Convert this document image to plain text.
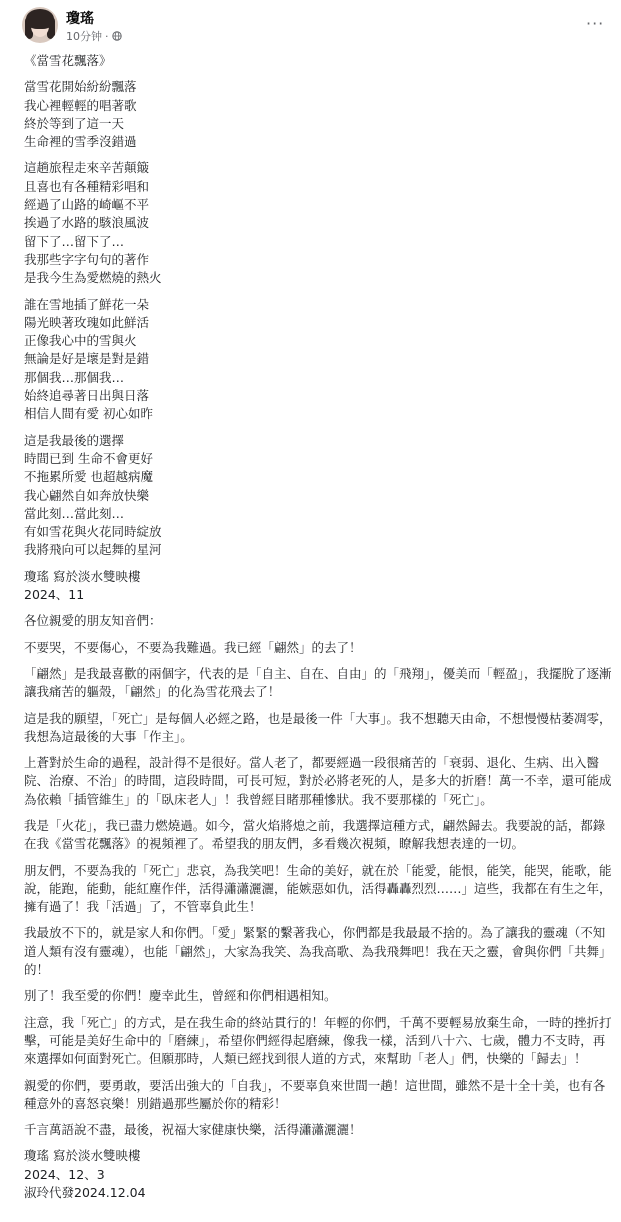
瓊瑤
10分钟 ·
···
《當雪花飄落》
當雪花開始紛紛飄落
我心裡輕輕的唱著歌
終於等到了這一天
生命裡的雪季沒錯過
這趟旅程走來辛苦顛簸
且喜也有各種精彩唱和
經過了山路的崎嶇不平
挨過了水路的駭浪風波
留下了…留下了…
我那些字字句句的著作
是我今生為愛燃燒的熱火
誰在雪地插了鮮花一朵
陽光映著玫瑰如此鮮活
正像我心中的雪與火
無論是好是壞是對是錯
那個我…那個我…
始終追尋著日出與日落
相信人間有愛 初心如昨
這是我最後的選擇
時間已到 生命不會更好
不拖累所愛 也超越病魔
我心翩然自如奔放快樂
當此刻…當此刻…
有如雪花與火花同時綻放
我將飛向可以起舞的星河
瓊瑤 寫於淡水雙映樓
2024、11
各位親愛的朋友知音們：
不要哭，不要傷心，不要為我難過。我已經「翩然」的去了！
「翩然」是我最喜歡的兩個字，代表的是「自主、自在、自由」的「飛翔」，優美而「輕盈」，我擺脫了逐漸讓我痛苦的軀殼，「翩然」的化為雪花飛去了！
這是我的願望，「死亡」是每個人必經之路，也是最後一件「大事」。我不想聽天由命，不想慢慢枯萎凋零，我想為這最後的大事「作主」。
上蒼對於生命的過程，設計得不是很好。當人老了，都要經過一段很痛苦的「衰弱、退化、生病、出入醫院、治療、不治」的時間，這段時間，可長可短，對於必將老死的人，是多大的折磨！萬一不幸，還可能成為依賴「插管維生」的「臥床老人」！我曾經目睹那種慘狀。我不要那樣的「死亡」。
我是「火花」，我已盡力燃燒過。如今，當火焰將熄之前，我選擇這種方式，翩然歸去。我要說的話，都錄在我《當雪花飄落》的視頻裡了。希望我的朋友們，多看幾次視頻，瞭解我想表達的一切。
朋友們，不要為我的「死亡」悲哀，為我笑吧！生命的美好，就在於「能愛，能恨，能笑，能哭，能歌，能說，能跑，能動，能紅塵作伴，活得瀟瀟灑灑，能嫉惡如仇，活得轟轟烈烈……」這些，我都在有生之年，擁有過了！我「活過」了，不管辜負此生！
我最放不下的，就是家人和你們。「愛」緊緊的繫著我心，你們都是我最最不捨的。為了讓我的靈魂（不知道人類有沒有靈魂），也能「翩然」，大家為我笑、為我高歌、為我飛舞吧！我在天之靈，會與你們「共舞」的！
別了！我至愛的你們！慶幸此生，曾經和你們相遇相知。
注意，我「死亡」的方式，是在我生命的終站貫行的！年輕的你們，千萬不要輕易放棄生命，一時的挫折打擊，可能是美好生命中的「磨練」，希望你們經得起磨練，像我一樣，活到八十六、七歲，體力不支時，再來選擇如何面對死亡。但願那時，人類已經找到很人道的方式，來幫助「老人」們，快樂的「歸去」！
親愛的你們，要勇敢，要活出強大的「自我」，不要辜負來世間一趟！這世間，雖然不是十全十美，也有各種意外的喜怒哀樂！別錯過那些屬於你的精彩！
千言萬語說不盡，最後，祝福大家健康快樂，活得瀟瀟灑灑！
瓊瑤 寫於淡水雙映樓
2024、12、3
淑玲代發2024.12.04
